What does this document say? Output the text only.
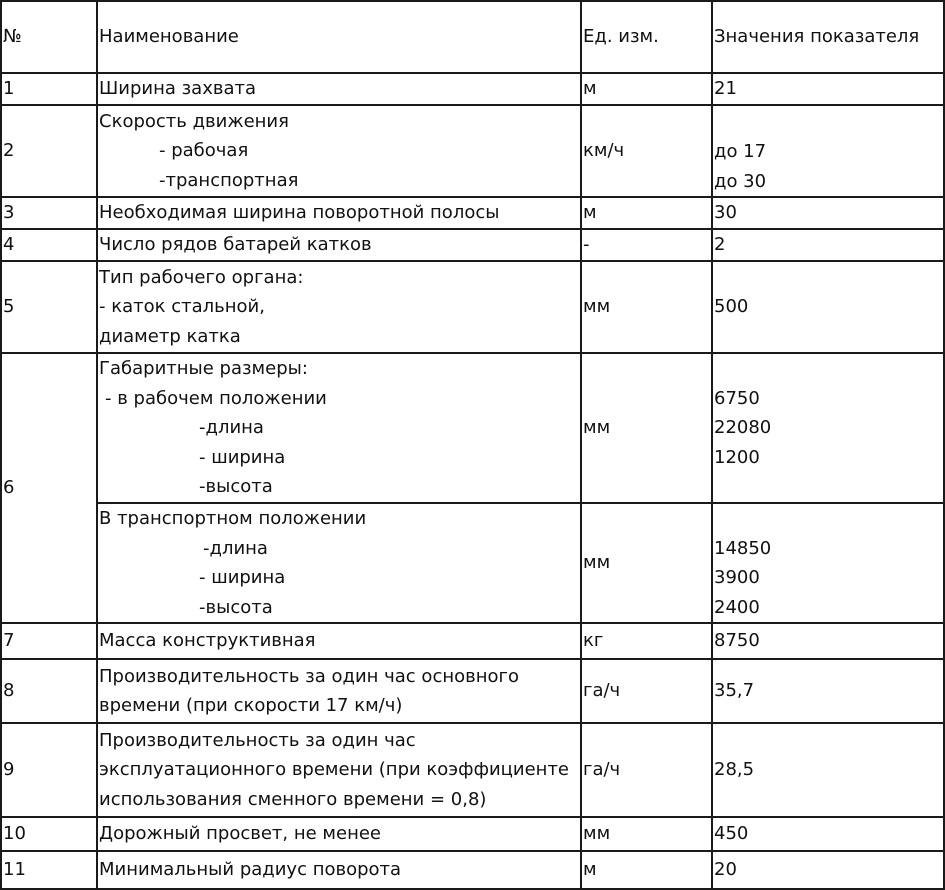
№	Наименование	Ед. изм.	Значения показателя
1	Ширина захвата	м	21

2	Скорость движения
- рабочая
-транспортная	км/ч	до 17
до 30

3	Необходимая ширина поворотной полосы	м	30

4	Число рядов батарей катков	-	2

5	Тип рабочего органа:
- каток стальной,
диаметр катка	мм	500

6	Габаритные размеры:
- в рабочем положении
-длина
- ширина
-высота	мм	6750
22080
1200

	В транспортном положении
-длина
- ширина
-высота	мм	14850
3900
2400

7	Масса конструктивная	кг	8750

8	Производительность за один час основного
времени (при скорости 17 км/ч)	га/ч	35,7

9	Производительность за один час
эксплуатационного времени (при коэффициенте
использования сменного времени = 0,8)	га/ч	28,5

10	Дорожный просвет, не менее	мм	450

11	Минимальный радиус поворота	м	20
